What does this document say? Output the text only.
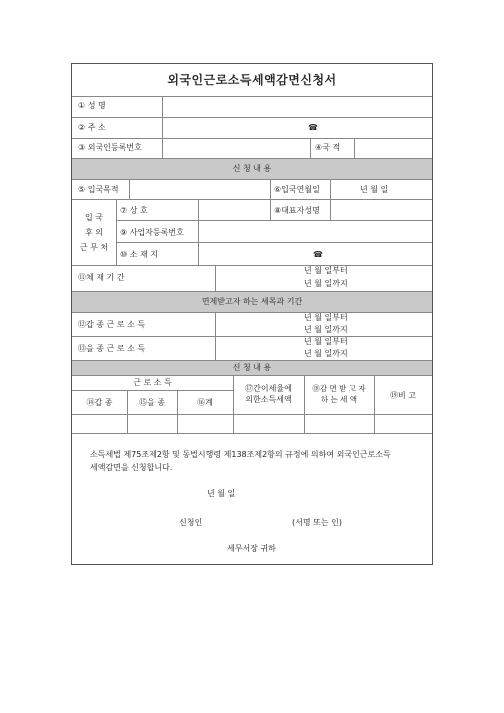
외국인근로소득세액감면신청서
① 성 명
② 주 소	☎
③ 외국인등록번호	④국 적
신 청 내 용
⑤ 입국목적	⑥입국연월일	년 월 일
입 국
후 의
근 무 처
⑦ 상 호	⑧대표자성명
⑨ 사업자등록번호
⑩ 소 재 지	☎
⑪체 재 기 간
년 월 일부터
년 월 일까지
면제받고자 하는 세목과 기간
⑫갑 종 근 로 소 득
년 월 일부터
년 월 일까지
⑬을 종 근 로 소 득
년 월 일부터
년 월 일까지
신 청 내 용
근 로 소 득
⑭갑 종	⑮을 종	⑯계
⑰간이세율에
의한소득세액
⑱감 면 받 고 자
하 는 세 액	⑲비 고
소득세법 제75조제2항 및 동법시행령 제138조제2항의 규정에 의하여 외국인근로소득
세액감면을 신청합니다.
년 월 일
신청인	(서명 또는 인)
세무서장 귀하
